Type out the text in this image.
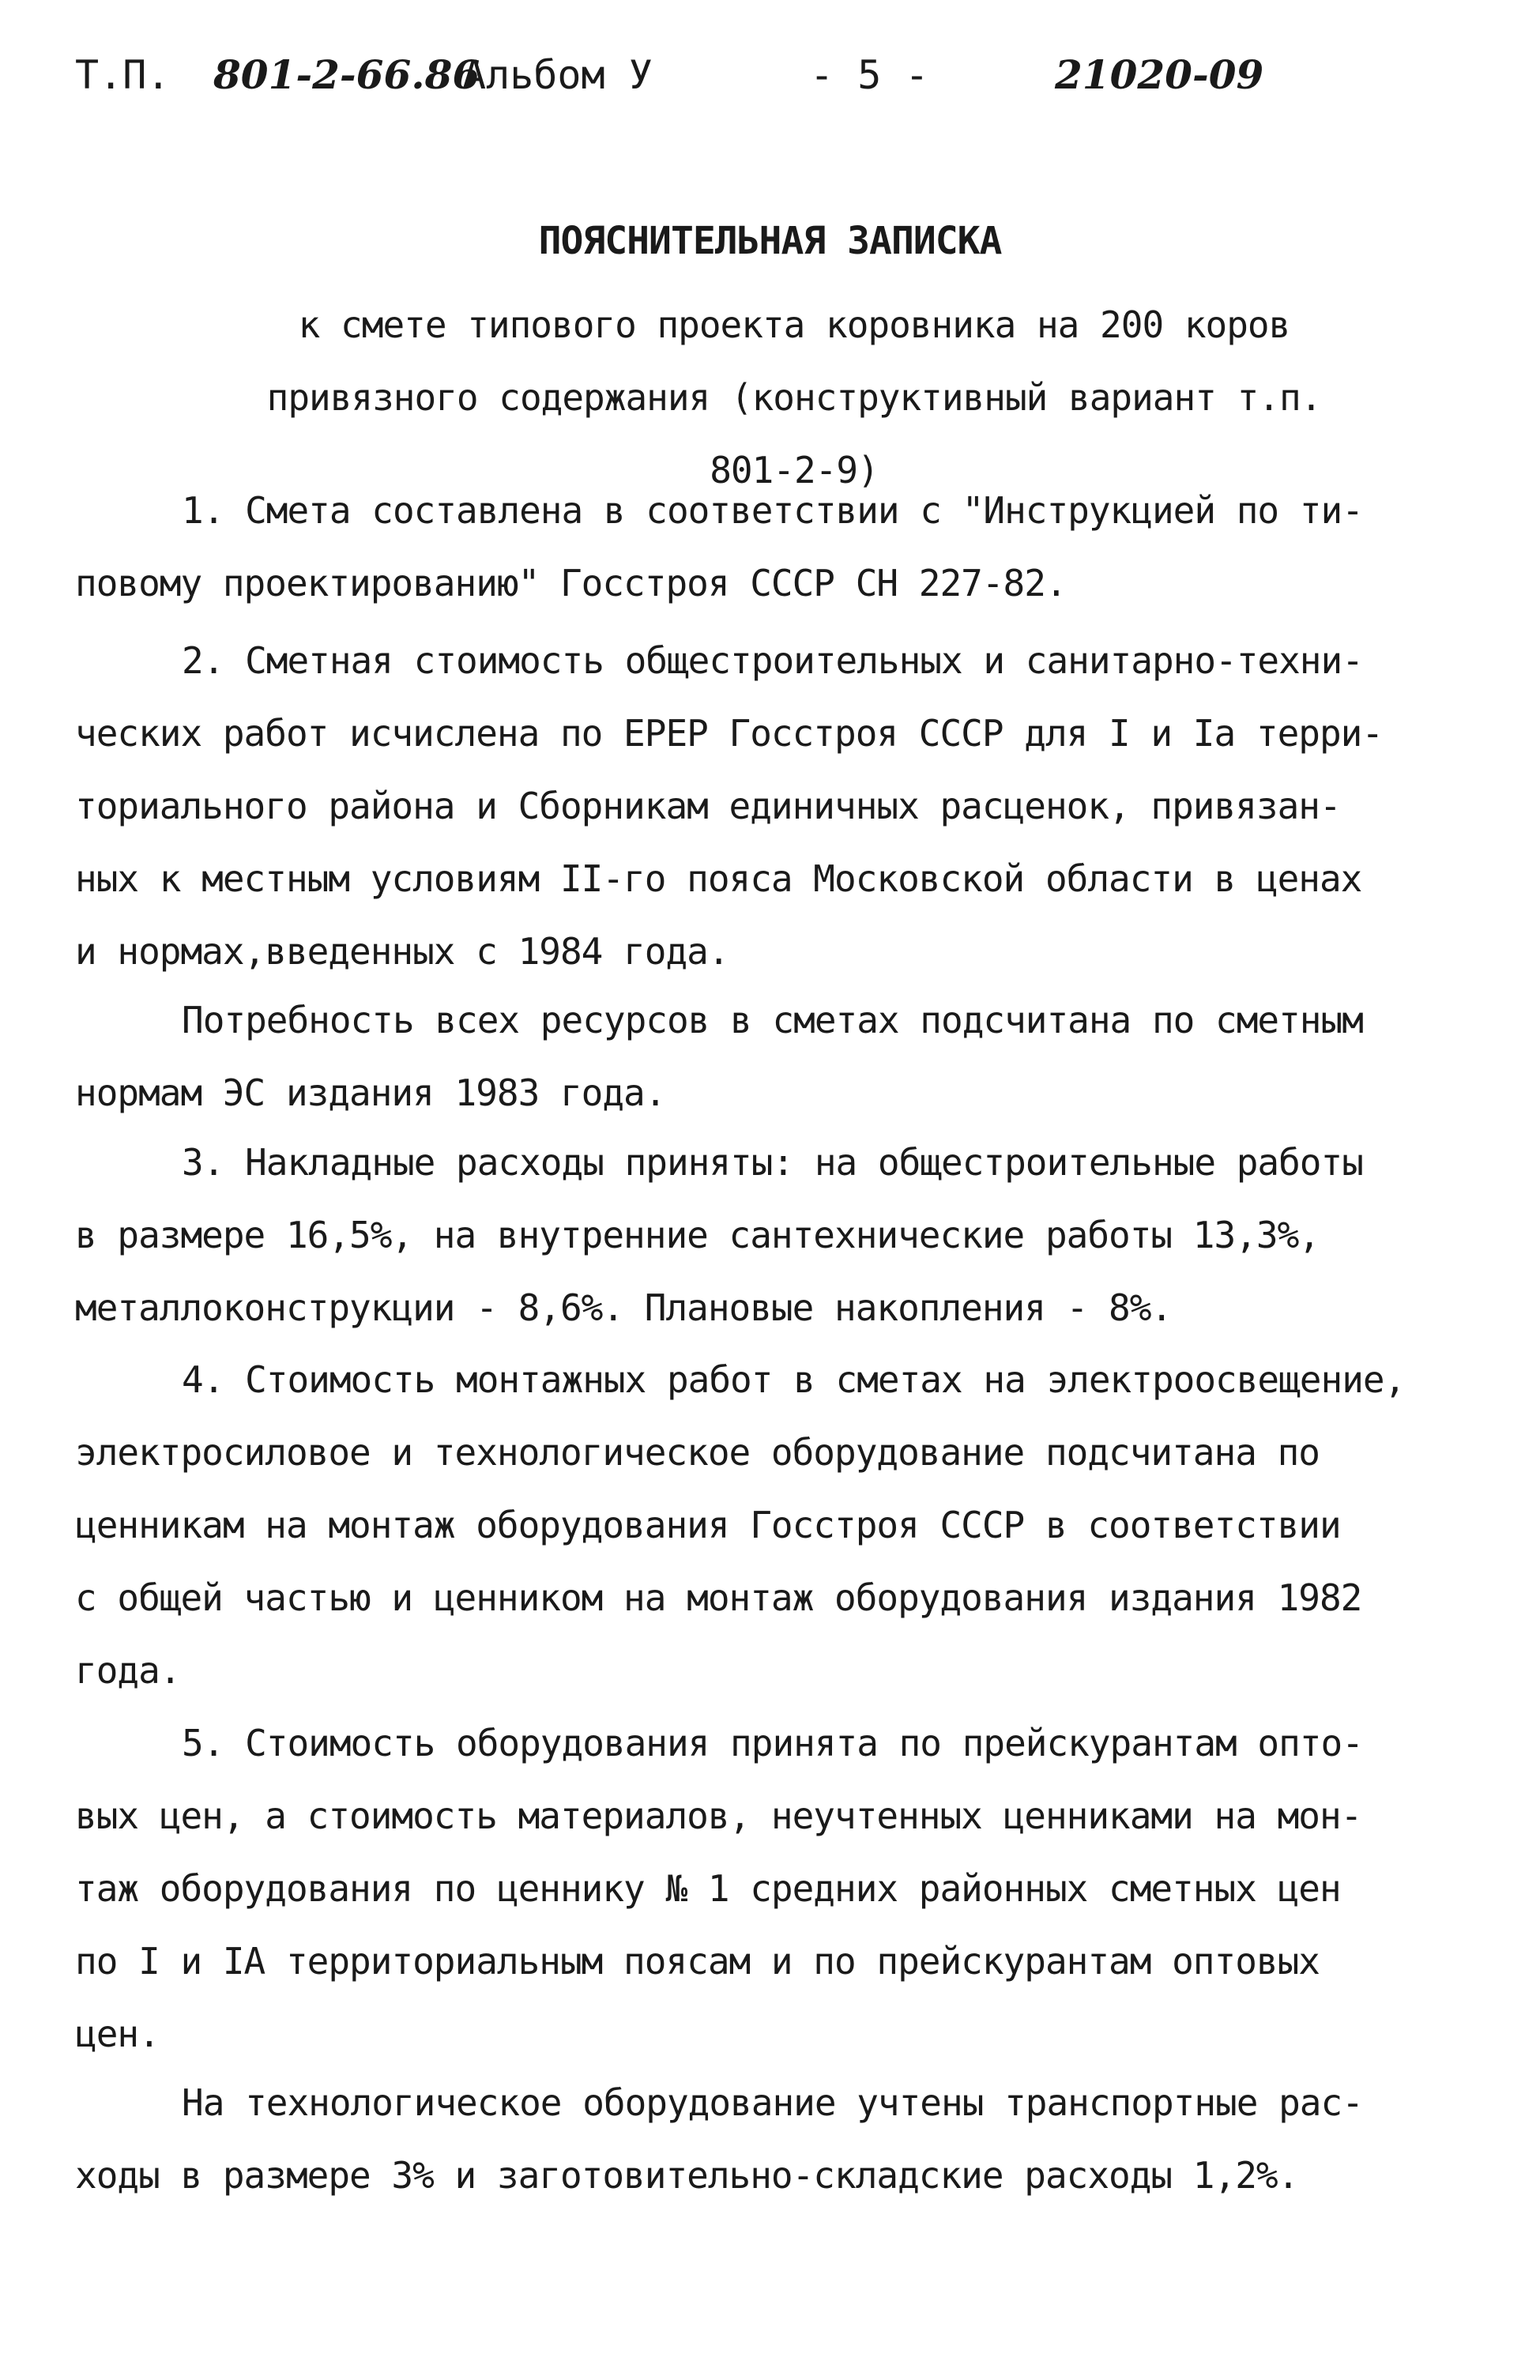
Т.П. 801-2-66.86
Альбом У	- 5 -	21020-09
ПОЯСНИТЕЛЬНАЯ ЗАПИСКА
к смете типового проекта коровника на 200 коров
привязного содержания (конструктивный вариант т.п.
801-2-9)
1. Смета составлена в соответствии с "Инструкцией по ти-
повому проектированию" Госстроя СССР СН 227-82.
2. Сметная стоимость общестроительных и санитарно-техни-
ческих работ исчислена по ЕРЕР Госстроя СССР для I и Iа терри-
ториального района и Сборникам единичных расценок, привязан-
ных к местным условиям II-го пояса Московской области в ценах
и нормах,введенных с 1984 года.
Потребность всех ресурсов в сметах подсчитана по сметным
нормам ЭС издания 1983 года.
3. Накладные расходы приняты: на общестроительные работы
в размере 16,5%, на внутренние сантехнические работы 13,3%,
металлоконструкции - 8,6%. Плановые накопления - 8%.
4. Стоимость монтажных работ в сметах на электроосвещение,
электросиловое и технологическое оборудование подсчитана по
ценникам на монтаж оборудования Госстроя СССР в соответствии
с общей частью и ценником на монтаж оборудования издания 1982
года.
5. Стоимость оборудования принята по прейскурантам опто-
вых цен, а стоимость материалов, неучтенных ценниками на мон-
таж оборудования по ценнику № 1 средних районных сметных цен
по I и IА территориальным поясам и по прейскурантам оптовых
цен.
На технологическое оборудование учтены транспортные рас-
ходы в размере 3% и заготовительно-складские расходы 1,2%.
